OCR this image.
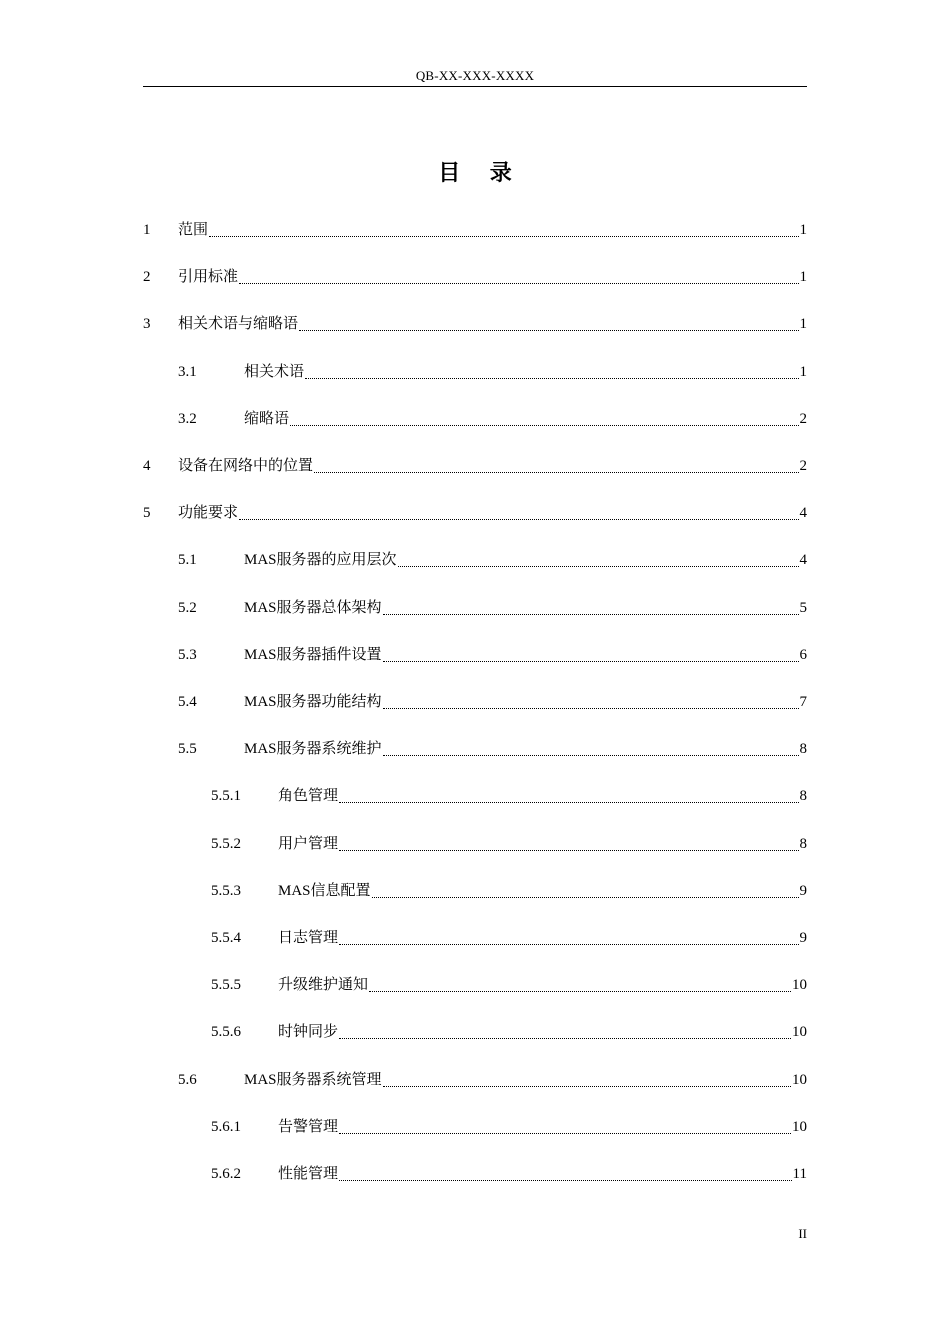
QB-XX-XXX-XXXX
目 录
1 范围	1
2 引用标准	1
3 相关术语与缩略语	1
3.1	相关术语	1
3.2	缩略语	2
4 设备在网络中的位置	2
5 功能要求	4
5.1	MAS服务器的应用层次	4
5.2	MAS服务器总体架构	5
5.3	MAS服务器插件设置	6
5.4	MAS服务器功能结构	7
5.5	MAS服务器系统维护	8
5.5.1 角色管理	8
5.5.2 用户管理	8
5.5.3 MAS信息配置	9
5.5.4 日志管理	9
5.5.5 升级维护通知	10
5.5.6 时钟同步	10
5.6	MAS服务器系统管理	10
5.6.1 告警管理	10
5.6.2 性能管理	11
II
